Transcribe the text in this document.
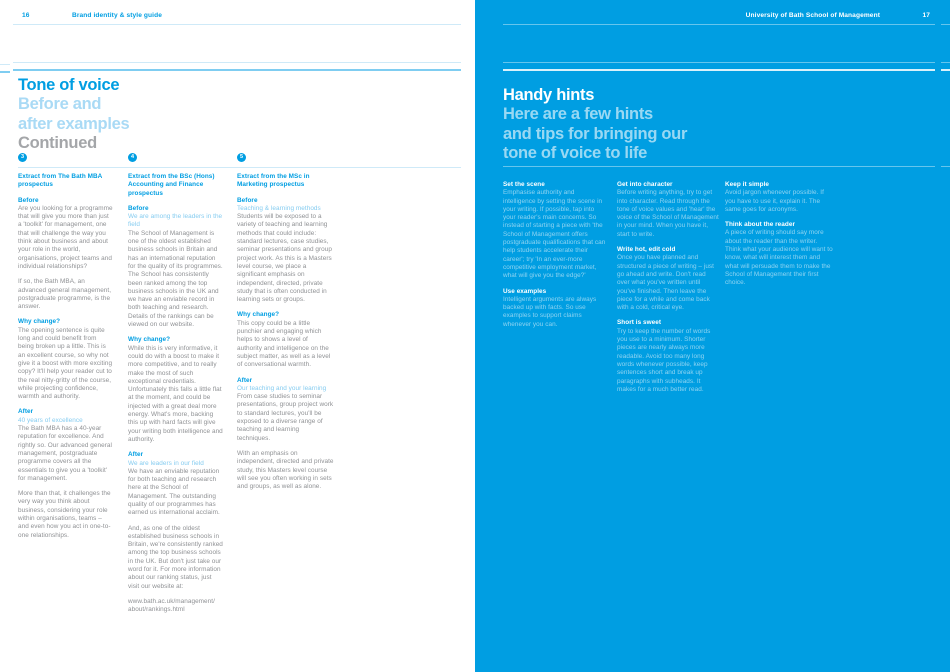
16	Brand identity & style guide
Tone of voice
Before and
after examples
Continued
3	4	5
Extract from The Bath MBA prospectus
Before
Are you looking for a programme that will give you more than just a 'toolkit' for management, one that will challenge the way you think about business and about your role in the world, organisations, project teams and individual relationships?
If so, the Bath MBA, an advanced general management, postgraduate programme, is the answer.
Why change?
The opening sentence is quite long and could benefit from being broken up a little. This is an excellent course, so why not give it a boost with more exciting copy? It'll help your reader cut to the real nitty-gritty of the course, while projecting confidence, warmth and authority.
After
40 years of excellence
The Bath MBA has a 40-year reputation for excellence. And rightly so. Our advanced general management, postgraduate programme covers all the essentials to give you a 'toolkit' for management.
More than that, it challenges the very way you think about business, considering your role within organisations, teams – and even how you act in one-to-one relationships.
Extract from the BSc (Hons) Accounting and Finance prospectus
Before
We are among the leaders in the field
The School of Management is one of the oldest established business schools in Britain and has an international reputation for the quality of its programmes. The School has consistently been ranked among the top business schools in the UK and we have an enviable record in both teaching and research. Details of the rankings can be viewed on our website.
Why change?
While this is very informative, it could do with a boost to make it more competitive, and to really make the most of such exceptional credentials. Unfortunately this falls a little flat at the moment, and could be injected with a great deal more energy. What's more, backing this up with hard facts will give your writing both intelligence and authority.
After
We are leaders in our field
We have an enviable reputation for both teaching and research here at the School of Management. The outstanding quality of our programmes has earned us international acclaim.
And, as one of the oldest established business schools in Britain, we're consistently ranked among the top business schools in the UK. But don't just take our word for it. For more information about our ranking status, just visit our website at:
www.bath.ac.uk/management/ about/rankings.html
Extract from the MSc in Marketing prospectus
Before
Teaching & learning methods
Students will be exposed to a variety of teaching and learning methods that could include: standard lectures, case studies, seminar presentations and group project work. As this is a Masters level course, we place a significant emphasis on independent, directed, private study that is often conducted in learning sets or groups.
Why change?
This copy could be a little punchier and engaging which helps to shows a level of authority and intelligence on the subject matter, as well as a level of conversational warmth.
After
Our teaching and your learning
From case studies to seminar presentations, group project work to standard lectures, you'll be exposed to a diverse range of teaching and learning techniques.
With an emphasis on independent, directed and private study, this Masters level course will see you often working in sets and groups, as well as alone.
University of Bath School of Management	17
Handy hints
Here are a few hints
and tips for bringing our
tone of voice to life
Set the scene
Emphasise authority and intelligence by setting the scene in your writing. If possible, tap into your reader's main concerns. So instead of starting a piece with 'the School of Management offers postgraduate qualifications that can help students accelerate their career'; try 'In an ever-more competitive employment market, what will give you the edge?'
Use examples
Intelligent arguments are always backed up with facts. So use examples to support claims whenever you can.
Get into character
Before writing anything, try to get into character. Read through the tone of voice values and 'hear' the voice of the School of Management in your mind. When you have it, start to write.
Write hot, edit cold
Once you have planned and structured a piece of writing – just go ahead and write. Don't read over what you've written until you've finished. Then leave the piece for a while and come back with a cold, critical eye.
Short is sweet
Try to keep the number of words you use to a minimum. Shorter pieces are nearly always more readable. Avoid too many long words whenever possible, keep sentences short and break up paragraphs with subheads. It makes for a much better read.
Keep it simple
Avoid jargon whenever possible. If you have to use it, explain it. The same goes for acronyms.
Think about the reader
A piece of writing should say more about the reader than the writer. Think what your audience will want to know, what will interest them and what will persuade them to make the School of Management their first choice.
